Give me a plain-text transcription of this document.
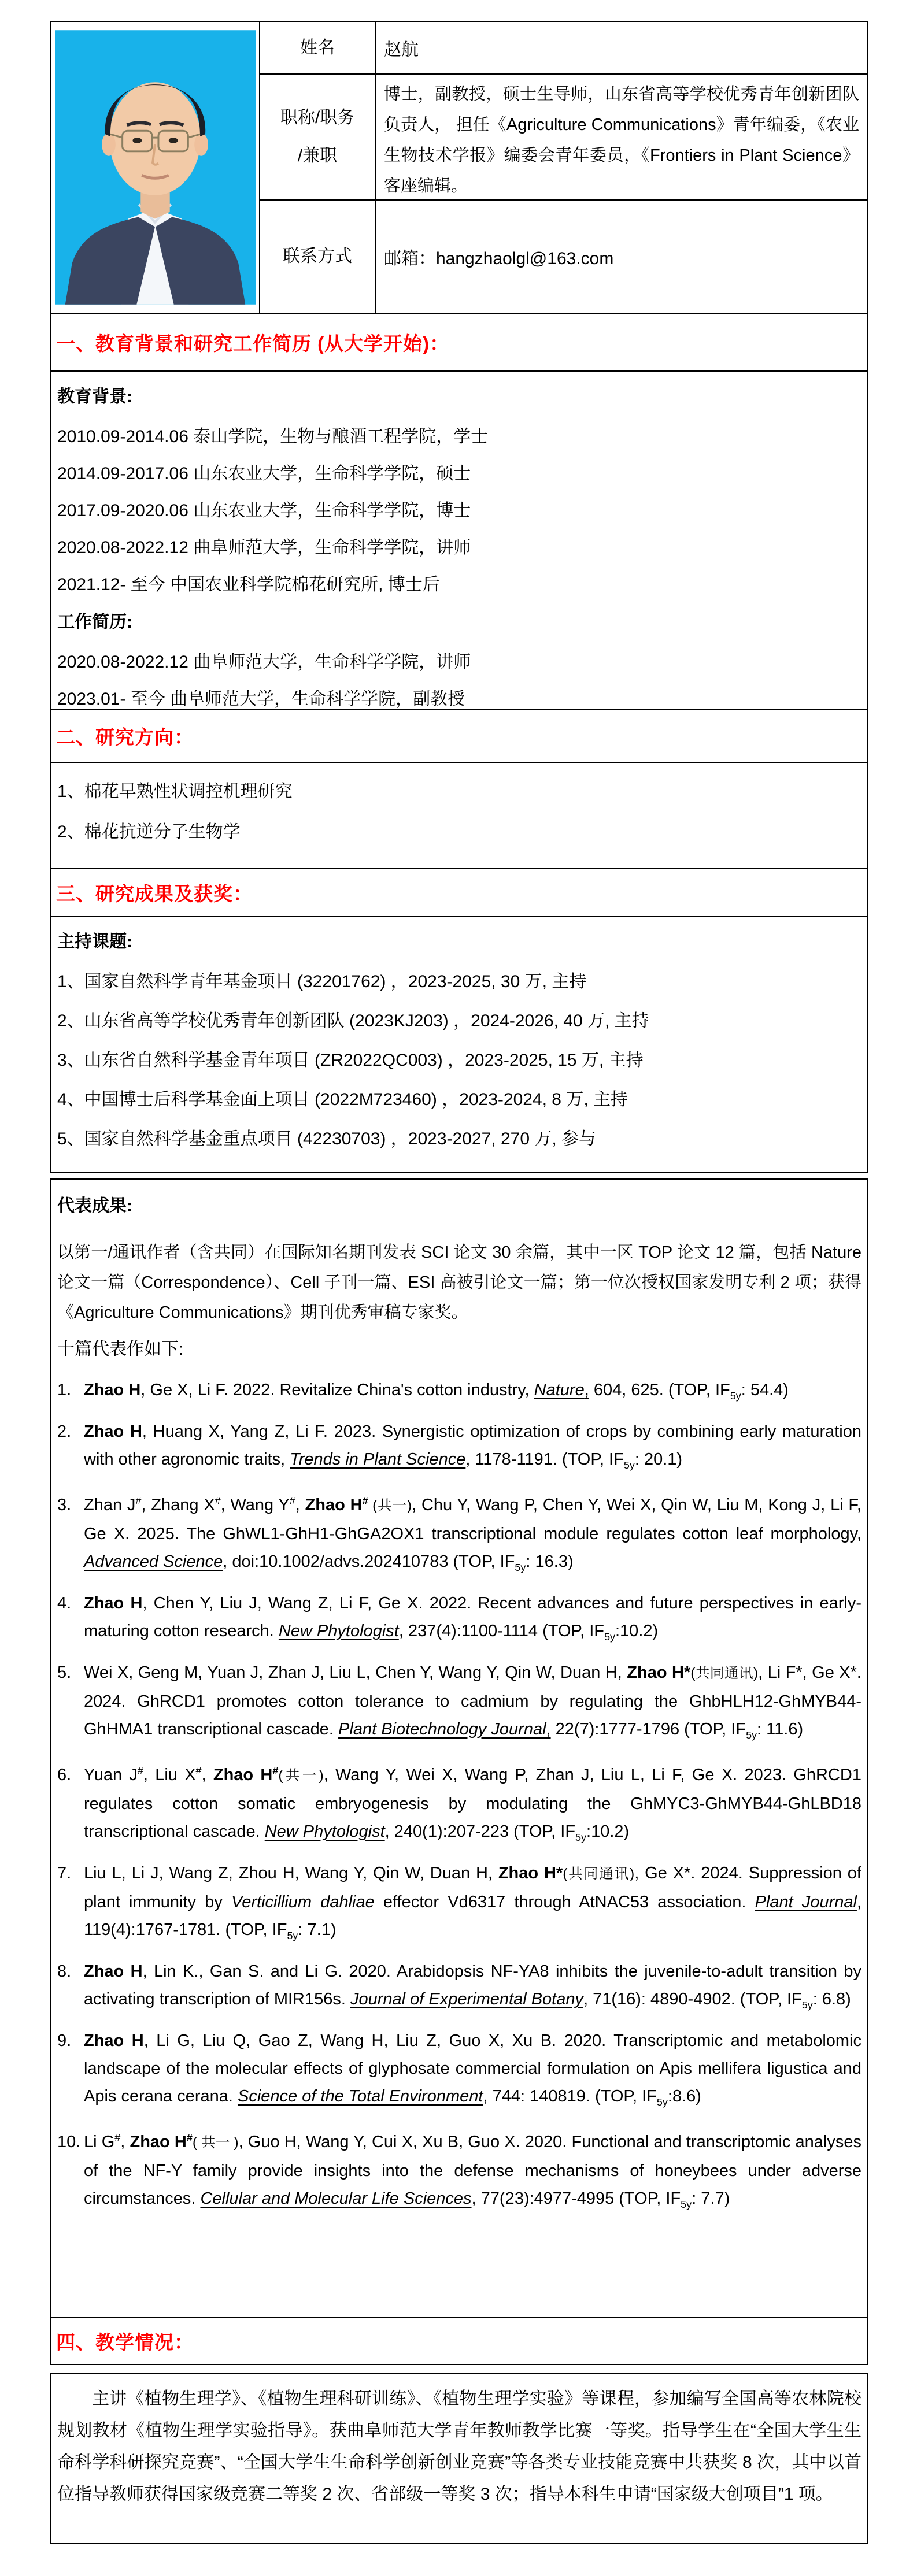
姓名	赵航
职称/职务
/兼职
博士，副教授，硕士生导师，山东省高等学校优秀青年创新团队负责人， 担任《Agriculture Communications》青年编委，《农业生物技术学报》编委会青年委员，《Frontiers in Plant Science》客座编辑。
联系方式 邮箱：hangzhaolgl@163.com
一、教育背景和研究工作简历 (从大学开始)：

教育背景:

2010.09-2014.06 泰山学院，生物与酿酒工程学院，学士

2014.09-2017.06 山东农业大学，生命科学学院，硕士

2017.09-2020.06 山东农业大学，生命科学学院，博士

2020.08-2022.12 曲阜师范大学，生命科学学院，讲师

2021.12- 至今 中国农业科学院棉花研究所, 博士后

工作简历:

2020.08-2022.12 曲阜师范大学，生命科学学院，讲师

2023.01- 至今 曲阜师范大学，生命科学学院，副教授

二、研究方向：

1、棉花早熟性状调控机理研究

2、棉花抗逆分子生物学

三、研究成果及获奖：

主持课题:

1、国家自然科学青年基金项目 (32201762) ，2023-2025, 30 万, 主持

2、山东省高等学校优秀青年创新团队 (2023KJ203) ，2024-2026, 40 万, 主持

3、山东省自然科学基金青年项目 (ZR2022QC003) ，2023-2025, 15 万, 主持

4、中国博士后科学基金面上项目 (2022M723460) ，2023-2024, 8 万, 主持

5、国家自然科学基金重点项目 (42230703) ，2023-2027, 270 万, 参与

代表成果:

以第一/通讯作者（含共同）在国际知名期刊发表 SCI 论文 30 余篇，其中一区 TOP 论文 12 篇，包括 Nature 论文一篇（Correspondence）、Cell 子刊一篇、ESI 高被引论文一篇；第一位次授权国家发明专利 2 项；获得《Agriculture Communications》期刊优秀审稿专家奖。

十篇代表作如下:

1. Zhao H, Ge X, Li F. 2022. Revitalize China's cotton industry, Nature, 604, 625. (TOP, $IF_{5y}$: 54.4)
2. Zhao H, Huang X, Yang Z, Li F. 2023. Synergistic optimization of crops by combining early maturation with other agronomic traits, Trends in Plant Science, 1178-1191. (TOP, $IF_{5y}$: 20.1)
3. Zhan J#, Zhang X#, Wang Y#, Zhao H# (共一), Chu Y, Wang P, Chen Y, Wei X, Qin W, Liu M, Kong J, Li F, Ge X. 2025. The GhWL1-GhH1-GhGA2OX1 transcriptional module regulates cotton leaf morphology, Advanced Science, doi:10.1002/advs.202410783 (TOP, $IF_{5y}$: 16.3)
4. Zhao H, Chen Y, Liu J, Wang Z, Li F, Ge X. 2022. Recent advances and future perspectives in early-maturing cotton research. New Phytologist, 237(4):1100-1114 (TOP, $IF_{5y}:10.2$)
5. Wei X, Geng M, Yuan J, Zhan J, Liu L, Chen Y, Wang Y, Qin W, Duan H, Zhao H*(共同通讯), Li F*, Ge X*. 2024. GhRCD1 promotes cotton tolerance to cadmium by regulating the GhbHLH12-GhMYB44-GhHMA1 transcriptional cascade. Plant Biotechnology Journal, 22(7):1777-1796 (TOP, $IF_{5y}$: 11.6)
6. Yuan J#, Liu X#, Zhao H#(共一), Wang Y, Wei X, Wang P, Zhan J, Liu L, Li F, Ge X. 2023. GhRCD1 regulates cotton somatic embryogenesis by modulating the GhMYC3-GhMYB44-GhLBD18 transcriptional cascade. New Phytologist, 240(1):207-223 (TOP, $IF_{5y}:10.2$)
7. Liu L, Li J, Wang Z, Zhou H, Wang Y, Qin W, Duan H, Zhao H*(共同通讯), Ge X*. 2024. Suppression of plant immunity by Verticillium dahliae effector Vd6317 through AtNAC53 association. Plant Journal, 119(4):1767-1781. (TOP, $IF_{5y}$: 7.1)
8. Zhao H, Lin K., Gan S. and Li G. 2020. Arabidopsis NF-YA8 inhibits the juvenile-to-adult transition by activating transcription of MIR156s. Journal of Experimental Botany, 71(16): 4890-4902. (TOP, $IF_{5y}$: 6.8)
9. Zhao H, Li G, Liu Q, Gao Z, Wang H, Liu Z, Guo X, Xu B. 2020. Transcriptomic and metabolomic landscape of the molecular effects of glyphosate commercial formulation on Apis mellifera ligustica and Apis cerana cerana. Science of the Total Environment, 744: 140819. (TOP, $IF_{5y}:8.6$)
10. Li G#, Zhao H#( 共一 ), Guo H, Wang Y, Cui X, Xu B, Guo X. 2020. Functional and transcriptomic analyses of the NF-Y family provide insights into the defense mechanisms of honeybees under adverse circumstances. Cellular and Molecular Life Sciences, 77(23):4977-4995 (TOP, $IF_{5y}$: 7.7)
四、教学情况：

主讲《植物生理学》、《植物生理科研训练》、《植物生理学实验》等课程，参加编写全国高等农林院校规划教材《植物生理学实验指导》。获曲阜师范大学青年教师教学比赛一等奖。指导学生在“全国大学生生命科学科研探究竞赛”、“全国大学生生命科学创新创业竞赛”等各类专业技能竞赛中共获奖 8 次，其中以首位指导教师获得国家级竞赛二等奖 2 次、省部级一等奖 3 次；指导本科生申请“国家级大创项目”1 项。
